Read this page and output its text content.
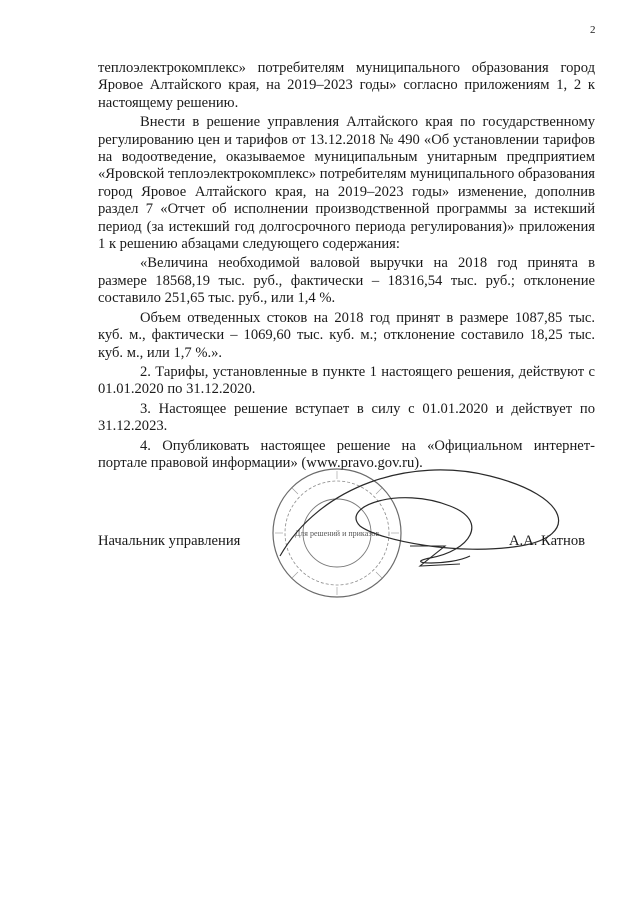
2

теплоэлектрокомплекс» потребителям муниципального образования город Яровое Алтайского края, на 2019–2023 годы» согласно приложениям 1, 2 к настоящему решению.

Внести в решение управления Алтайского края по государственному регулированию цен и тарифов от 13.12.2018 № 490 «Об установлении тарифов на водоотведение, оказываемое муниципальным унитарным предприятием «Яровской теплоэлектрокомплекс» потребителям муниципального образования город Яровое Алтайского края, на 2019–2023 годы» изменение, дополнив раздел 7 «Отчет об исполнении производственной программы за истекший период (за истекший год долгосрочного периода регулирования)» приложения 1 к решению абзацами следующего содержания:

«Величина необходимой валовой выручки на 2018 год принята в размере 18568,19 тыс. руб., фактически – 18316,54 тыс. руб.; отклонение составило 251,65 тыс. руб., или 1,4 %.

Объем отведенных стоков на 2018 год принят в размере 1087,85 тыс. куб. м., фактически – 1069,60 тыс. куб. м.; отклонение составило 18,25 тыс. куб. м., или 1,7 %.».

2. Тарифы, установленные в пункте 1 настоящего решения, действуют с 01.01.2020 по 31.12.2020.

3. Настоящее решение вступает в силу с 01.01.2020 и действует по 31.12.2023.

4. Опубликовать настоящее решение на «Официальном интернет-портале правовой информации» (www.pravo.gov.ru).

Для решений и приказов
Начальник управления	А.А. Катнов
